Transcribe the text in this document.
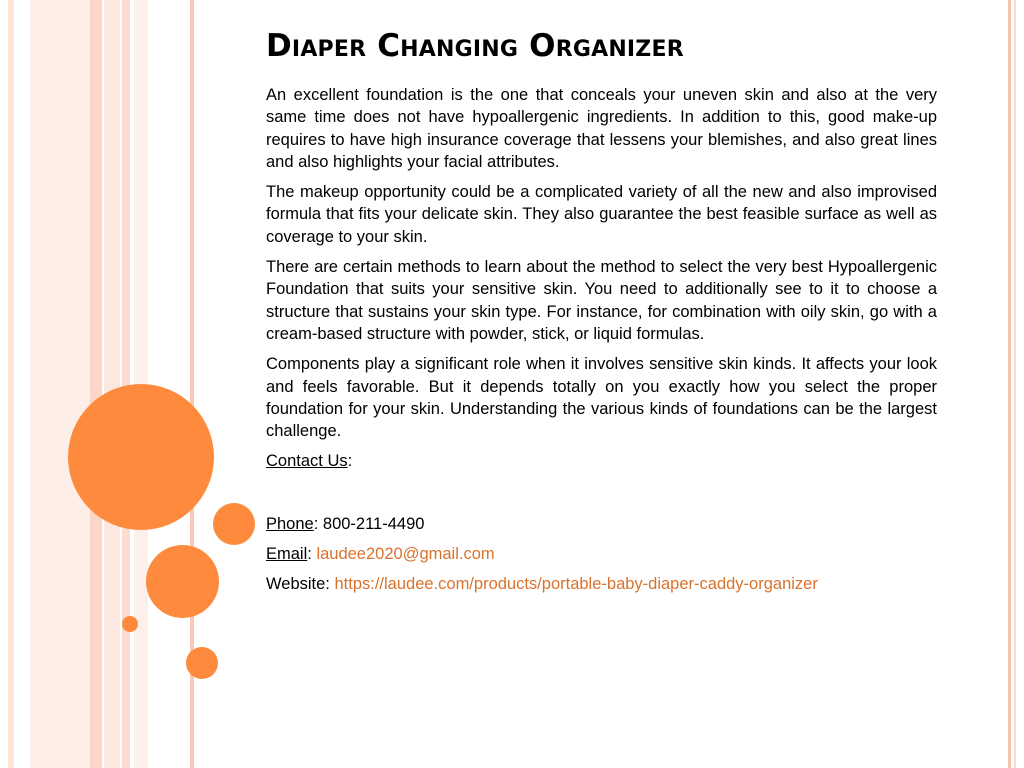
Diaper Changing Organizer

An excellent foundation is the one that conceals your uneven skin and also at the very same time does not have hypoallergenic ingredients. In addition to this, good make-up requires to have high insurance coverage that lessens your blemishes, and also great lines and also highlights your facial attributes.

The makeup opportunity could be a complicated variety of all the new and also improvised formula that fits your delicate skin. They also guarantee the best feasible surface as well as coverage to your skin.

There are certain methods to learn about the method to select the very best Hypoallergenic Foundation that suits your sensitive skin. You need to additionally see to it to choose a structure that sustains your skin type. For instance, for combination with oily skin, go with a cream-based structure with powder, stick, or liquid formulas.

Components play a significant role when it involves sensitive skin kinds. It affects your look and feels favorable. But it depends totally on you exactly how you select the proper foundation for your skin. Understanding the various kinds of foundations can be the largest challenge.

Contact Us:

Phone: 800-211-4490

Email: laudee2020@gmail.com

Website: https://laudee.com/products/portable-baby-diaper-caddy-organizer
